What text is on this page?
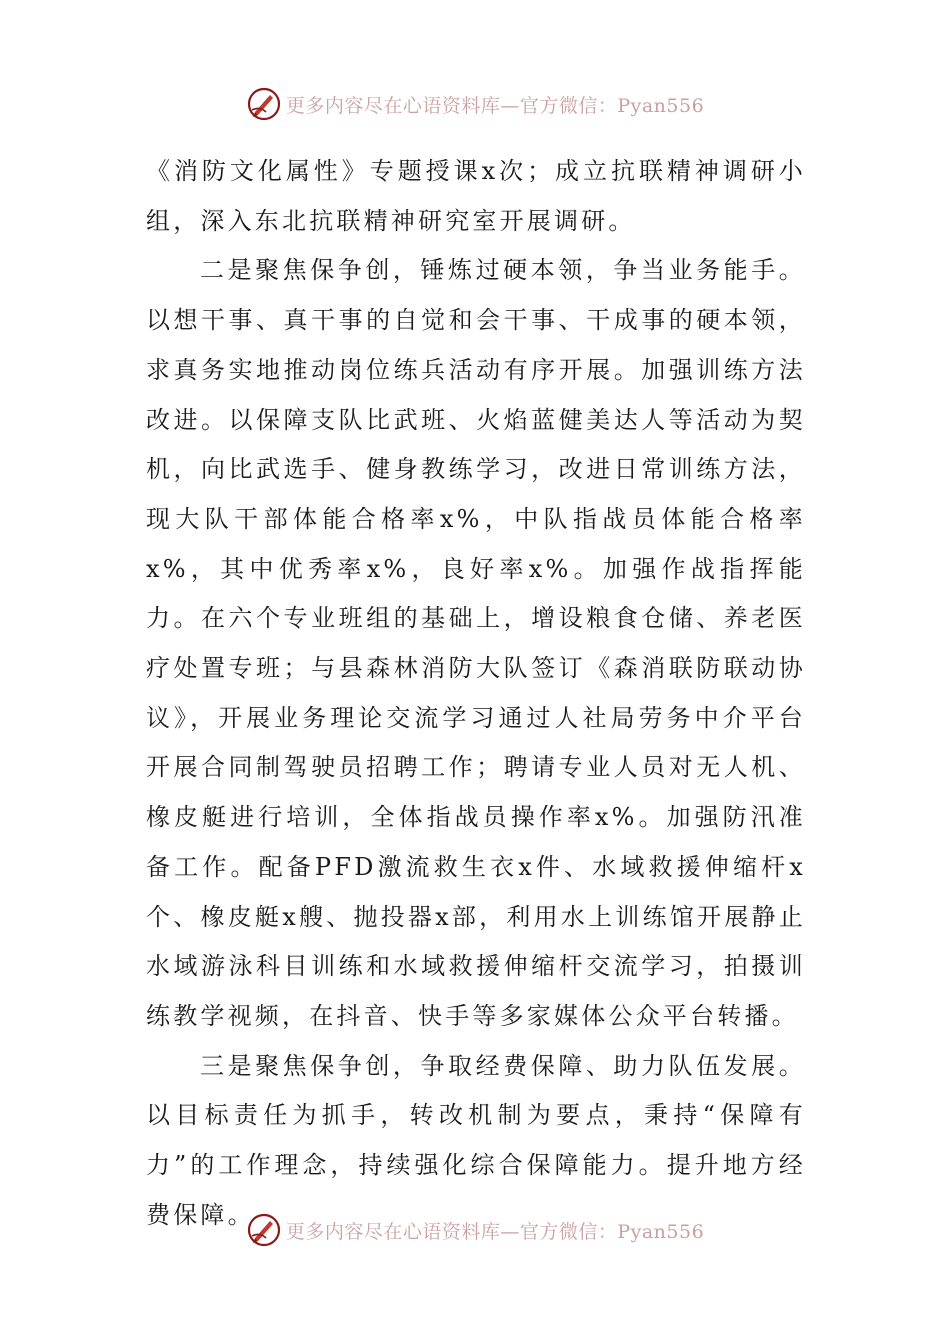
更多内容尽在心语资料库—官方微信：Pyan556

《消防文化属性》专题授课x次；成立抗联精神调研小组，深入东北抗联精神研究室开展调研。

二是聚焦保争创，锤炼过硬本领，争当业务能手。以想干事、真干事的自觉和会干事、干成事的硬本领，求真务实地推动岗位练兵活动有序开展。加强训练方法改进。以保障支队比武班、火焰蓝健美达人等活动为契机，向比武选手、健身教练学习，改进日常训练方法，现大队干部体能合格率x%，中队指战员体能合格率x%，其中优秀率x%，良好率x%。加强作战指挥能力。在六个专业班组的基础上，增设粮食仓储、养老医疗处置专班；与县森林消防大队签订《森消联防联动协议》，开展业务理论交流学习通过人社局劳务中介平台开展合同制驾驶员招聘工作；聘请专业人员对无人机、橡皮艇进行培训，全体指战员操作率x%。加强防汛准备工作。配备PFD激流救生衣x件、水域救援伸缩杆x个、橡皮艇x艘、抛投器x部，利用水上训练馆开展静止水域游泳科目训练和水域救援伸缩杆交流学习，拍摄训练教学视频，在抖音、快手等多家媒体公众平台转播。

三是聚焦保争创，争取经费保障、助力队伍发展。以目标责任为抓手，转改机制为要点，秉持“保障有力”的工作理念，持续强化综合保障能力。提升地方经费保障。

更多内容尽在心语资料库—官方微信：Pyan556
